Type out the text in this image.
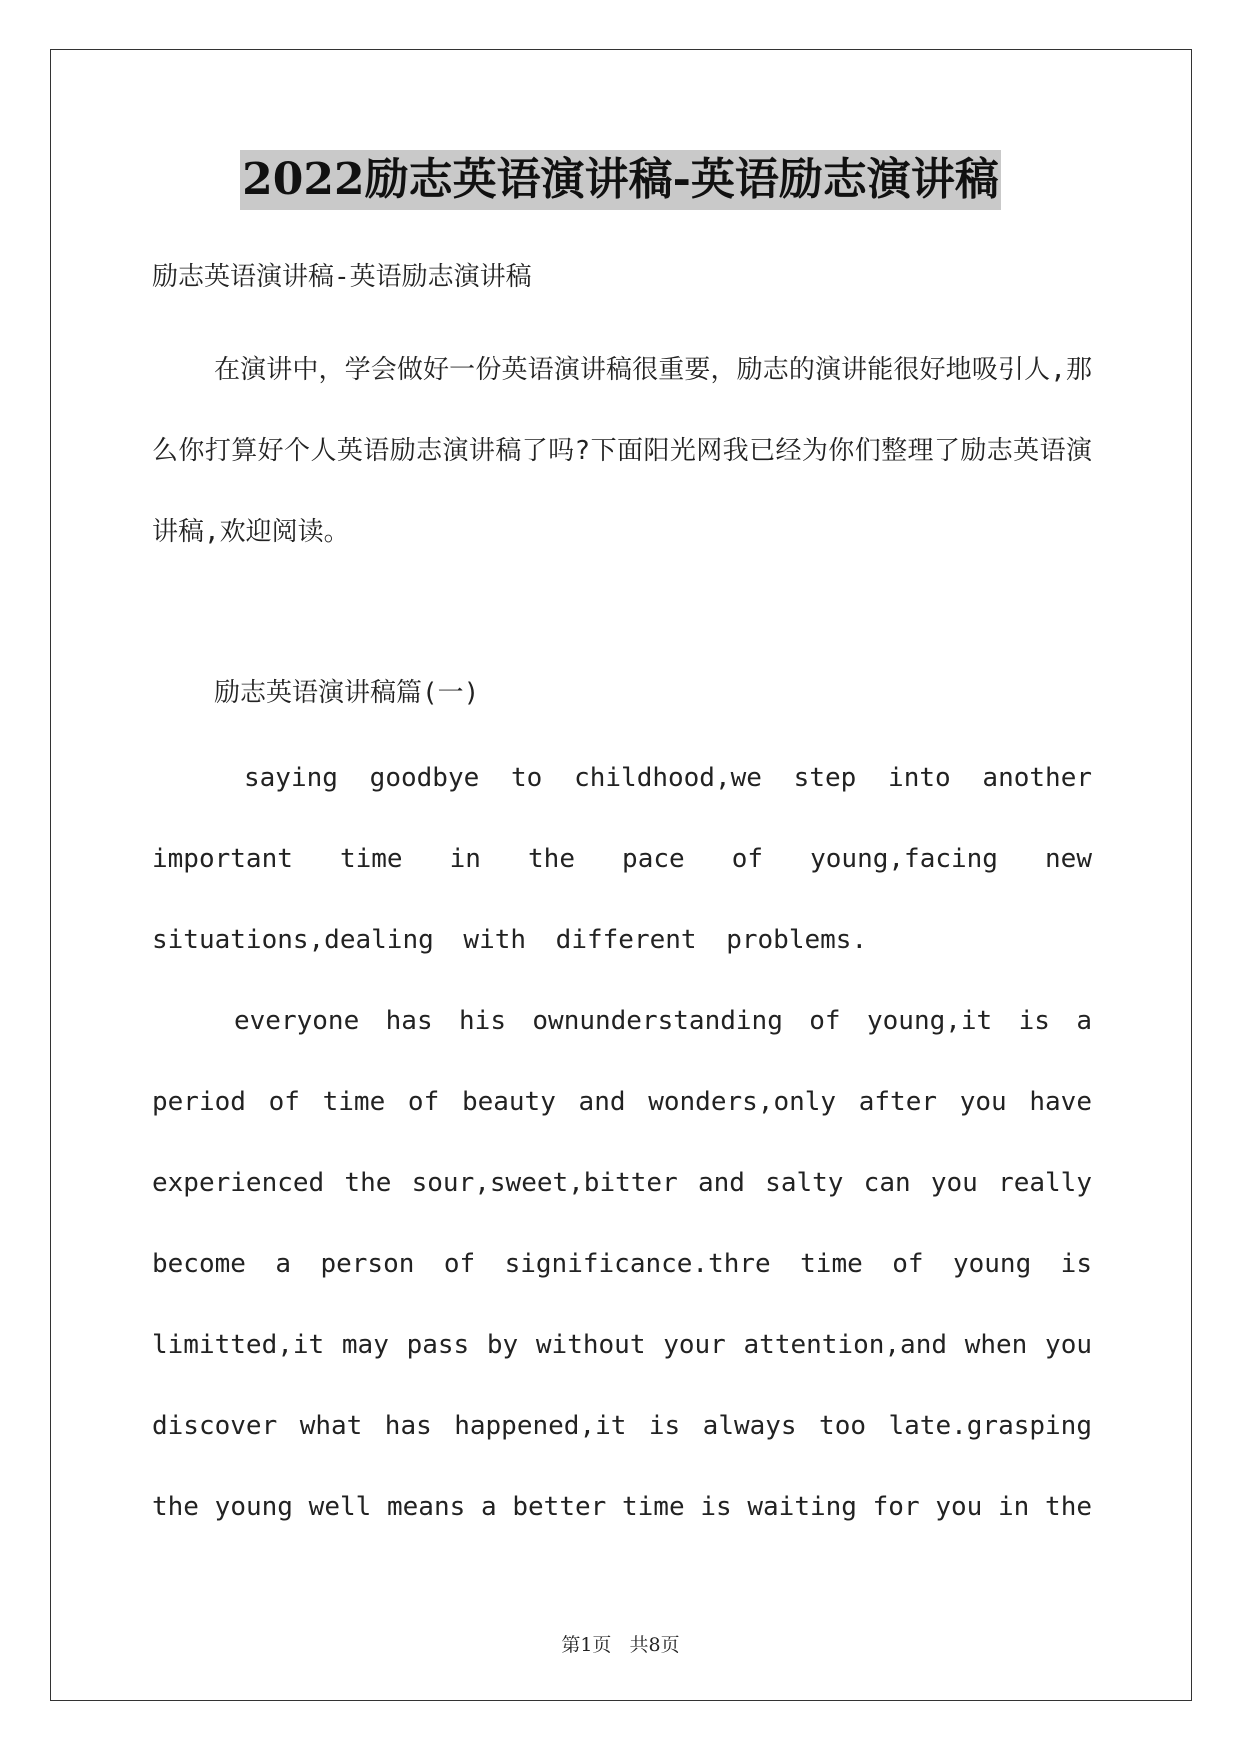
2022励志英语演讲稿-英语励志演讲稿

励志英语演讲稿-英语励志演讲稿

在演讲中，学会做好一份英语演讲稿很重要，励志的演讲能很好地吸引人,那么你打算好个人英语励志演讲稿了吗?下面阳光网我已经为你们整理了励志英语演讲稿,欢迎阅读。

励志英语演讲稿篇(一)

saying goodbye to childhood,we step into another important time in the pace of young,facing new situations,dealing with different problems.

everyone has his ownunderstanding of young,it is a period of time of beauty and wonders,only after you have experienced the sour,sweet,bitter and salty can you really become a person of significance.thre time of young is limitted,it may pass by without your attention,and when you discover what has happened,it is always too late.grasping the young well means a better time is waiting for you in the

第1页   共8页
